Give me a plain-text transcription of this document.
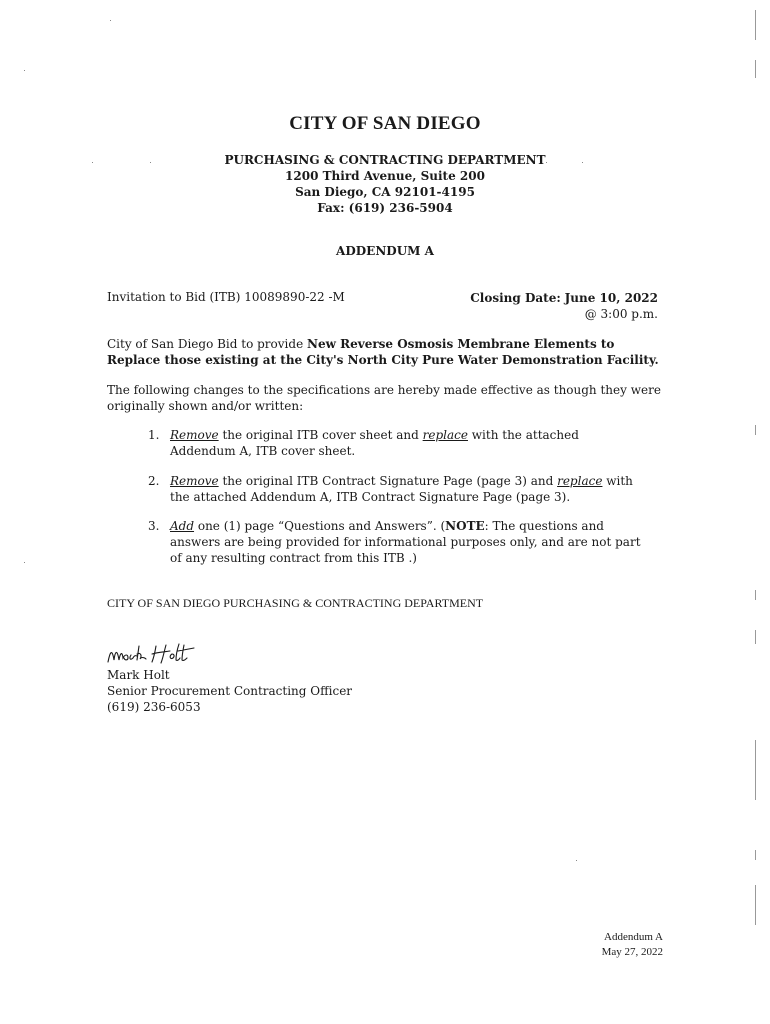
CITY OF SAN DIEGO
PURCHASING & CONTRACTING DEPARTMENT
1200 Third Avenue, Suite 200
San Diego, CA 92101-4195
Fax: (619) 236-5904
ADDENDUM A
Invitation to Bid (ITB) 10089890-22 -M	Closing Date: June 10, 2022
@ 3:00 p.m.
City of San Diego Bid to provide New Reverse Osmosis Membrane Elements to Replace those existing at the City's North City Pure Water Demonstration Facility.
The following changes to the specifications are hereby made effective as though they were originally shown and/or written:
1. Remove the original ITB cover sheet and replace with the attached Addendum A, ITB cover sheet.
2. Remove the original ITB Contract Signature Page (page 3) and replace with the attached Addendum A, ITB Contract Signature Page (page 3).
3. Add one (1) page “Questions and Answers”. (NOTE: The questions and answers are being provided for informational purposes only, and are not part of any resulting contract from this ITB .)
CITY OF SAN DIEGO PURCHASING & CONTRACTING DEPARTMENT
Mark Holt
Senior Procurement Contracting Officer
(619) 236-6053
Addendum A
May 27, 2022
